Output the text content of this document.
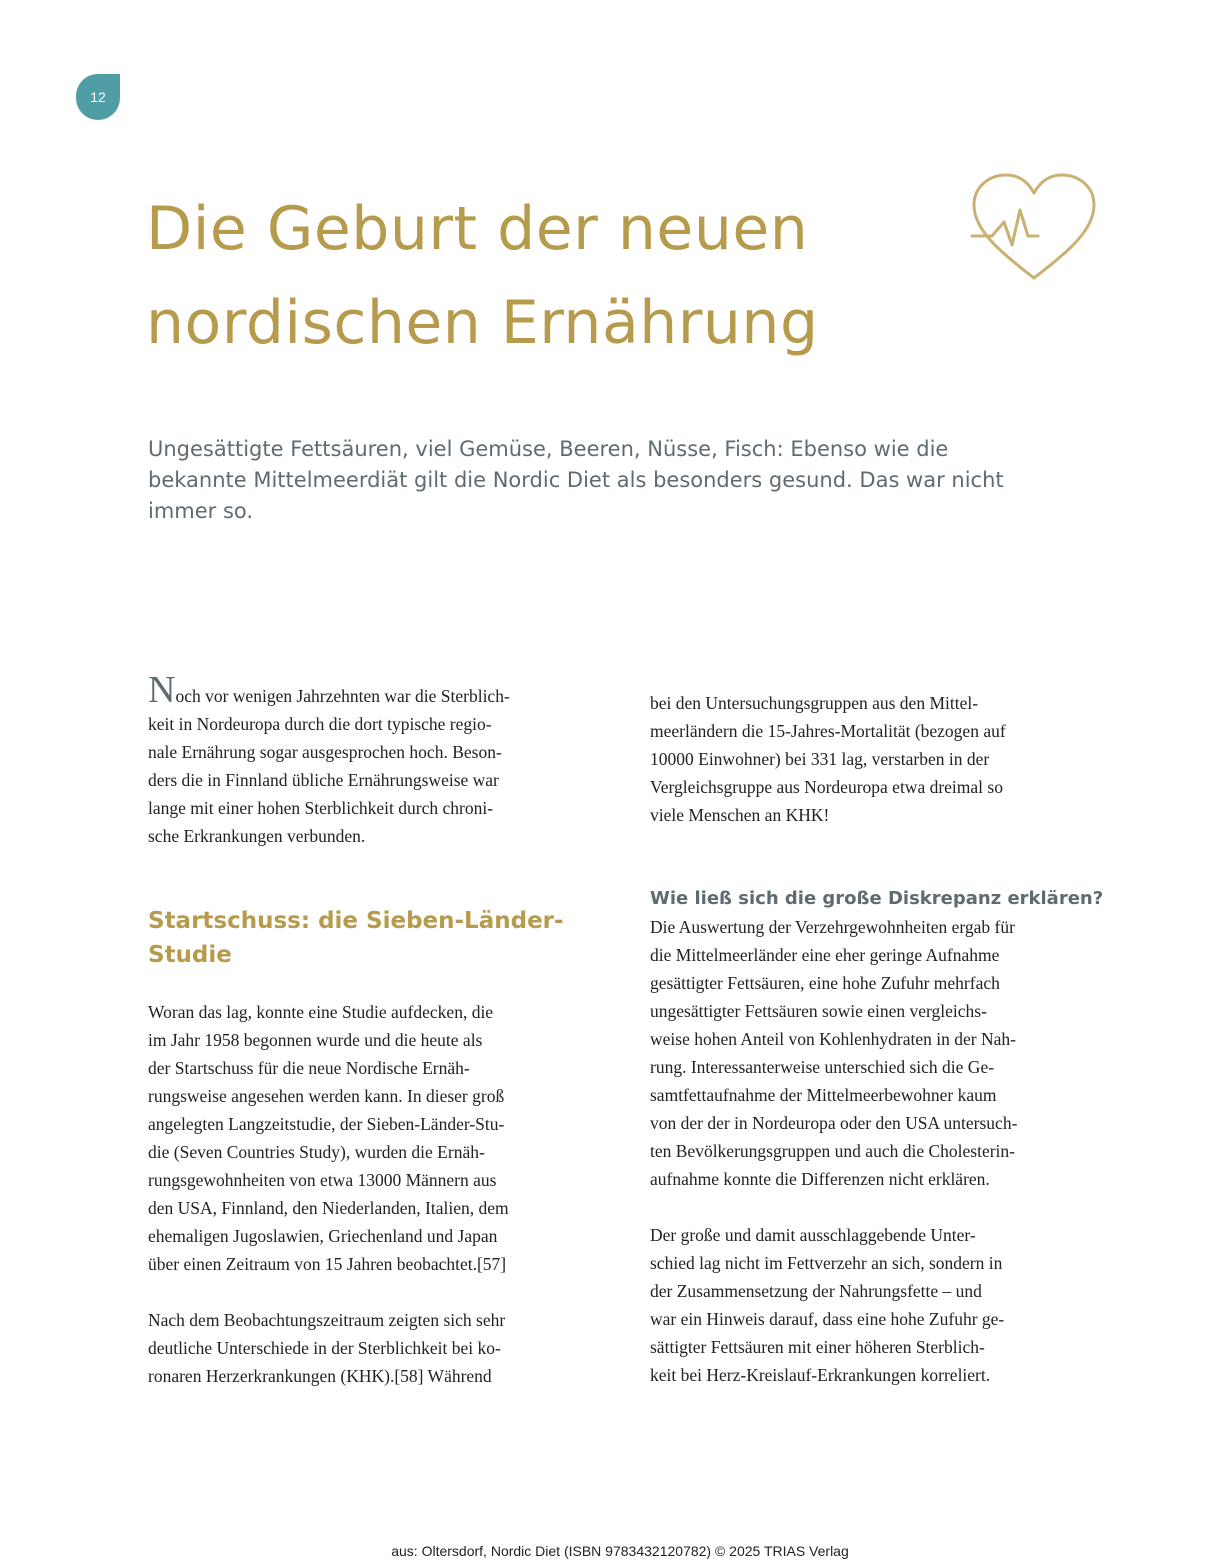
12
Die Geburt der neuen
nordischen Ernährung

Ungesättigte Fettsäuren, viel Gemüse, Beeren, Nüsse, Fisch: Ebenso wie die
bekannte Mittelmeerdiät gilt die Nordic Diet als besonders gesund. Das war nicht
immer so.

Noch vor wenigen Jahrzehnten war die Sterblich-
keit in Nordeuropa durch die dort typische regio-
nale Ernährung sogar ausgesprochen hoch. Beson-
ders die in Finnland übliche Ernährungsweise war
lange mit einer hohen Sterblichkeit durch chroni-
sche Erkrankungen verbunden.
Startschuss: die Sieben-Länder-
Studie
Woran das lag, konnte eine Studie aufdecken, die
im Jahr 1958 begonnen wurde und die heute als
der Startschuss für die neue Nordische Ernäh-
rungsweise angesehen werden kann. In dieser groß
angelegten Langzeitstudie, der Sieben-Länder-Stu-
die (Seven Countries Study), wurden die Ernäh-
rungsgewohnheiten von etwa 13000 Männern aus
den USA, Finnland, den Niederlanden, Italien, dem
ehemaligen Jugoslawien, Griechenland und Japan
über einen Zeitraum von 15 Jahren beobachtet.[57]
Nach dem Beobachtungszeitraum zeigten sich sehr
deutliche Unterschiede in der Sterblichkeit bei ko-
ronaren Herzerkrankungen (KHK).[58] Während
bei den Untersuchungsgruppen aus den Mittel-
meerländern die 15-Jahres-Mortalität (bezogen auf
10000 Einwohner) bei 331 lag, verstarben in der
Vergleichsgruppe aus Nordeuropa etwa dreimal so
viele Menschen an KHK!
Wie ließ sich die große Diskrepanz erklären?
Die Auswertung der Verzehrgewohnheiten ergab für
die Mittelmeerländer eine eher geringe Aufnahme
gesättigter Fettsäuren, eine hohe Zufuhr mehrfach
ungesättigter Fettsäuren sowie einen vergleichs-
weise hohen Anteil von Kohlenhydraten in der Nah-
rung. Interessanterweise unterschied sich die Ge-
samtfettaufnahme der Mittelmeerbewohner kaum
von der der in Nordeuropa oder den USA untersuch-
ten Bevölkerungsgruppen und auch die Cholesterin-
aufnahme konnte die Differenzen nicht erklären.
Der große und damit ausschlaggebende Unter-
schied lag nicht im Fettverzehr an sich, sondern in
der Zusammensetzung der Nahrungsfette – und
war ein Hinweis darauf, dass eine hohe Zufuhr ge-
sättigter Fettsäuren mit einer höheren Sterblich-
keit bei Herz-Kreislauf-Erkrankungen korreliert.
aus: Oltersdorf, Nordic Diet (ISBN 9783432120782) © 2025 TRIAS Verlag
